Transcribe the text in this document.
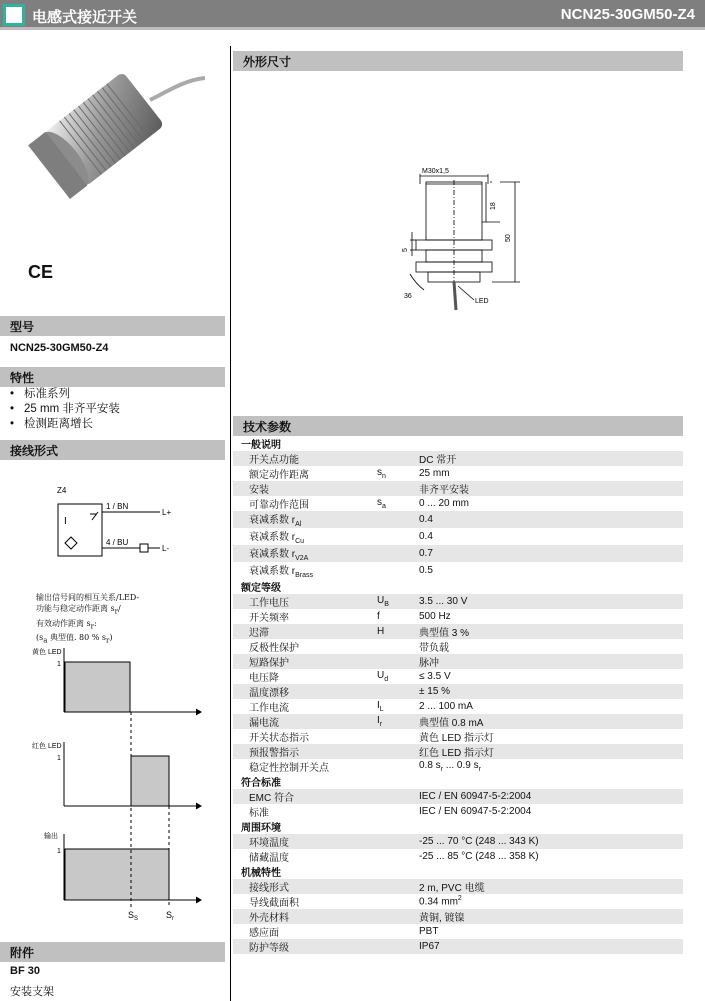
电感式接近开关	NCN25-30GM50-Z4
CE
型号
NCN25-30GM50-Z4
特性
• 标准系列
• 25 mm 非齐平安装
• 检测距离增长
接线形式
Z4
I
1 / BN
4 / BU
L+
L-
输出信号间的相互关系/LED-
功能与稳定动作距离 $s_r/$
有效动作距离 $s_r$:
($s_a$ 典型值. 80 % $s_r$)
黄色 LED
红色 LED
输出
1
1
1
$S_S$	$S_r$
附件
BF 30
安装支架
外形尺寸
M30x1,5
18
50
5
36
LED
技术参数
一般说明		
开关点功能		DC 常开
额定动作距离	$s_n$	25 mm
安装		非齐平安装
可靠动作范围	$s_a$	0 ... 20 mm
衰减系数 $r_{Al}$		0.4
衰减系数 $r_{Cu}$		0.4
衰减系数 $r_{V2A}$		0.7
衰减系数 $r_{Brass}$		0.5
额定等级		
工作电压	$U_B$	3.5 ... 30 V
开关频率	f	500 Hz
迟滞	H	典型值 3 %
反极性保护		带负载
短路保护		脉冲
电压降	$U_d$	≤ 3.5 V
温度漂移		± 15 %
工作电流	$I_L$	2 ... 100 mA
漏电流	$I_r$	典型值 0.8 mA
开关状态指示		黄色 LED 指示灯
预报警指示		红色 LED 指示灯
稳定性控制开关点		0.8 $s_r$ ... 0.9 $s_r$
符合标准		
EMC 符合		IEC / EN 60947-5-2:2004
标准		IEC / EN 60947-5-2:2004
周围环境		
环境温度		-25 ... 70 °C (248 ... 343 K)
储藏温度		-25 ... 85 °C (248 ... 358 K)
机械特性		
接线形式		2 m, PVC 电缆
导线截面积		0.34 $mm^2$
外壳材料		黄铜, 镀镍
感应面		PBT
防护等级		IP67
